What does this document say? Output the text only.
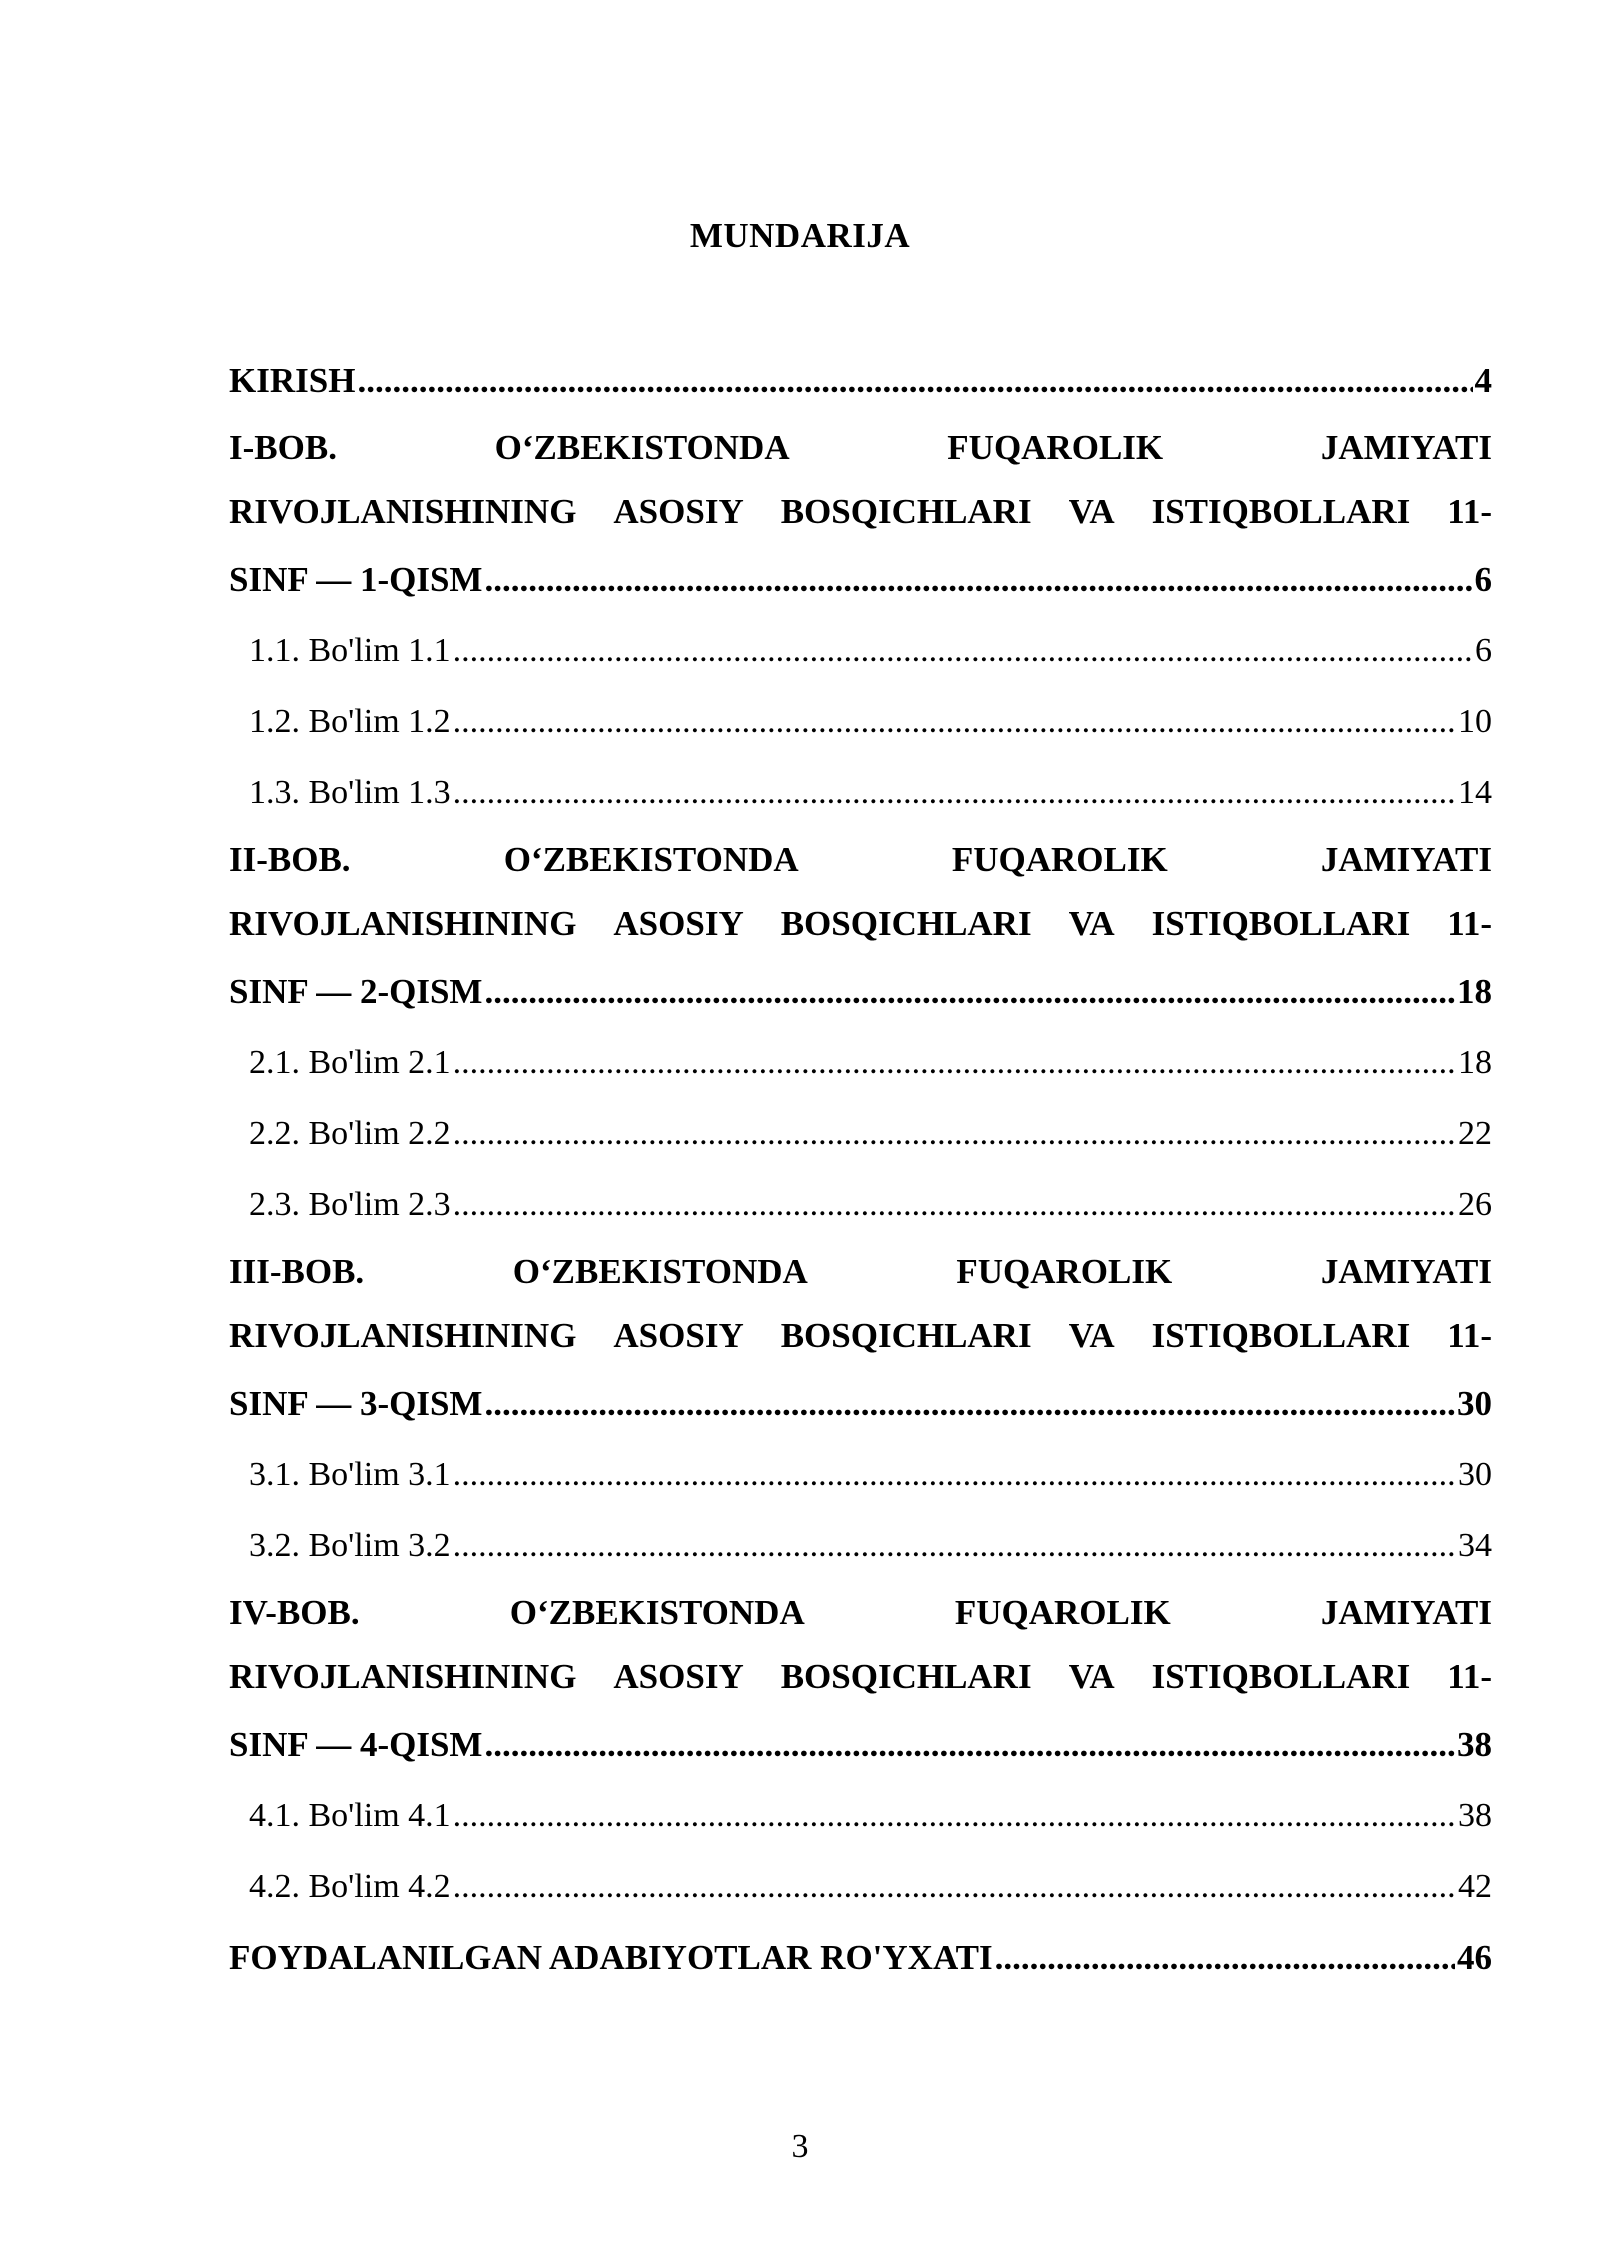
MUNDARIJA
KIRISH .....	4
I-BOB.	O‘ZBEKISTONDA	FUQAROLIK	JAMIYATI
RIVOJLANISHINING ASOSIY BOSQICHLARI VA ISTIQBOLLARI 11-
SINF — 1-QISM .....	6
1.1. Bo'lim 1.1 .....	6
1.2. Bo'lim 1.2 .....	10
1.3. Bo'lim 1.3 .....	14
II-BOB.	O‘ZBEKISTONDA	FUQAROLIK	JAMIYATI
RIVOJLANISHINING ASOSIY BOSQICHLARI VA ISTIQBOLLARI 11-
SINF — 2-QISM .....	18
2.1. Bo'lim 2.1 .....	18
2.2. Bo'lim 2.2 .....	22
2.3. Bo'lim 2.3 .....	26
III-BOB.	O‘ZBEKISTONDA	FUQAROLIK	JAMIYATI
RIVOJLANISHINING ASOSIY BOSQICHLARI VA ISTIQBOLLARI 11-
SINF — 3-QISM .....	30
3.1. Bo'lim 3.1 .....	30
3.2. Bo'lim 3.2 .....	34
IV-BOB.	O‘ZBEKISTONDA	FUQAROLIK	JAMIYATI
RIVOJLANISHINING ASOSIY BOSQICHLARI VA ISTIQBOLLARI 11-
SINF — 4-QISM .....	38
4.1. Bo'lim 4.1 .....	38
4.2. Bo'lim 4.2 .....	42
FOYDALANILGAN ADABIYOTLAR RO'YXATI .....	46
3
